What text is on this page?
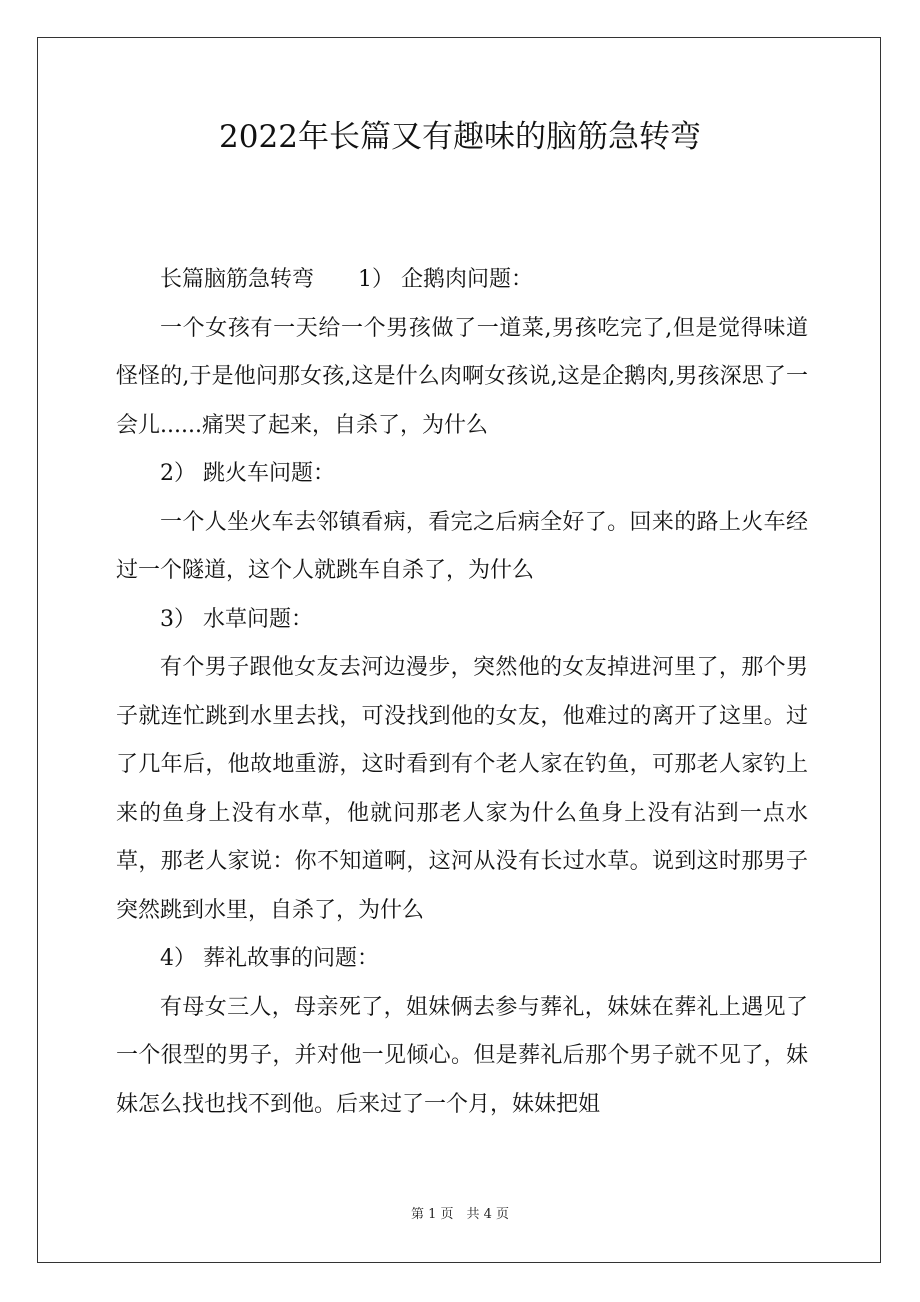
2022年长篇又有趣味的脑筋急转弯

长篇脑筋急转弯　　1） 企鹅肉问题：

一个女孩有一天给一个男孩做了一道菜,男孩吃完了,但是觉得味道怪怪的,于是他问那女孩,这是什么肉啊女孩说,这是企鹅肉,男孩深思了一会儿......痛哭了起来，自杀了，为什么

2） 跳火车问题：

一个人坐火车去邻镇看病，看完之后病全好了。回来的路上火车经过一个隧道，这个人就跳车自杀了，为什么

3） 水草问题：

有个男子跟他女友去河边漫步，突然他的女友掉进河里了，那个男子就连忙跳到水里去找，可没找到他的女友，他难过的离开了这里。过了几年后，他故地重游，这时看到有个老人家在钓鱼，可那老人家钓上来的鱼身上没有水草，他就问那老人家为什么鱼身上没有沾到一点水草，那老人家说：你不知道啊，这河从没有长过水草。说到这时那男子突然跳到水里，自杀了，为什么

4） 葬礼故事的问题：

有母女三人，母亲死了，姐妹俩去参与葬礼，妹妹在葬礼上遇见了一个很型的男子，并对他一见倾心。但是葬礼后那个男子就不见了，妹妹怎么找也找不到他。后来过了一个月，妹妹把姐

第 1 页　共 4 页
